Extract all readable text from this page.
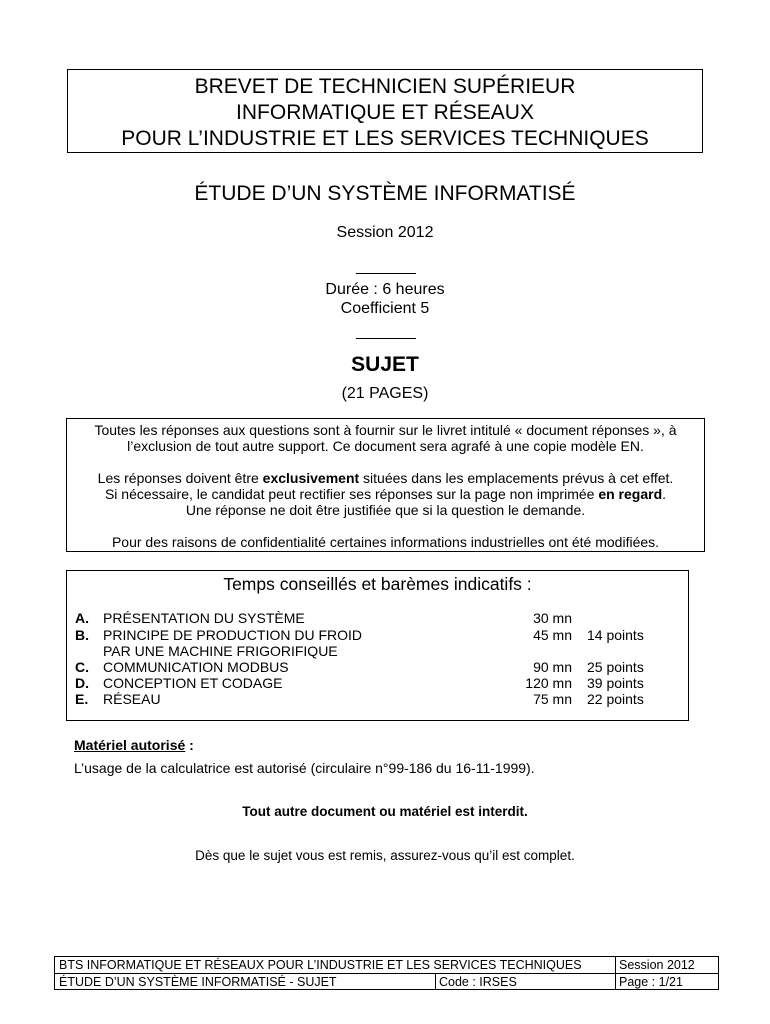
BREVET DE TECHNICIEN SUPÉRIEUR
INFORMATIQUE ET RÉSEAUX
POUR L’INDUSTRIE ET LES SERVICES TECHNIQUES
ÉTUDE D’UN SYSTÈME INFORMATISÉ
Session 2012
Durée : 6 heures
Coefficient 5
SUJET
(21 PAGES)

Toutes les réponses aux questions sont à fournir sur le livret intitulé « document réponses », à

l’exclusion de tout autre support. Ce document sera agrafé à une copie modèle EN.

Les réponses doivent être exclusivement situées dans les emplacements prévus à cet effet.

Si nécessaire, le candidat peut rectifier ses réponses sur la page non imprimée en regard.

Une réponse ne doit être justifiée que si la question le demande.

Pour des raisons de confidentialité certaines informations industrielles ont été modifiées.

Temps conseillés et barèmes indicatifs :
A. PRÉSENTATION DU SYSTÈME	30 mn
B. PRINCIPE DE PRODUCTION DU FROID	45 mn 14 points
PAR UNE MACHINE FRIGORIFIQUE
C. COMMUNICATION MODBUS	90 mn 25 points
D. CONCEPTION ET CODAGE	120 mn 39 points
E. RÉSEAU	75 mn 22 points
Matériel autorisé :
L’usage de la calculatrice est autorisé (circulaire n°99-186 du 16-11-1999).
Tout autre document ou matériel est interdit.
Dès que le sujet vous est remis, assurez-vous qu’il est complet.
BTS INFORMATIQUE ET RÉSEAUX POUR L’INDUSTRIE ET LES SERVICES TECHNIQUES	Session 2012
ÉTUDE D’UN SYSTÈME INFORMATISÉ - SUJET	Code : IRSES	Page : 1/21
